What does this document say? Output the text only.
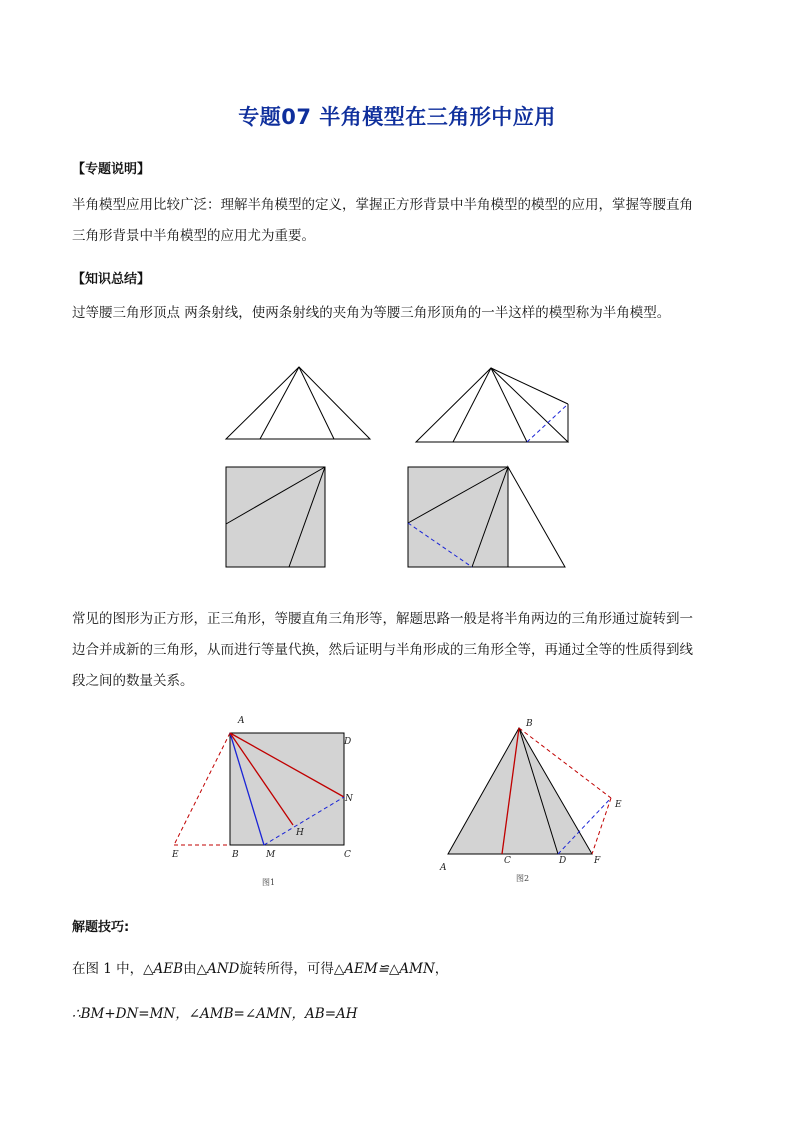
专题07 半角模型在三角形中应用
【专题说明】

半角模型应用比较广泛：理解半角模型的定义，掌握正方形背景中半角模型的模型的应用，掌握等腰直角
三角形背景中半角模型的应用尤为重要。

【知识总结】

过等腰三角形顶点 两条射线，使两条射线的夹角为等腰三角形顶角的一半这样的模型称为半角模型。

常见的图形为正方形，正三角形，等腰直角三角形等，解题思路一般是将半角两边的三角形通过旋转到一
边合并成新的三角形，从而进行等量代换，然后证明与半角形成的三角形全等，再通过全等的性质得到线
段之间的数量关系。

A
D
N
H
E	B	M	C
图1
B
E
A
C	D	F
图2
解题技巧:

在图 1 中，△AEB由△AND旋转所得，可得△AEM≌△AMN，

∴BM+DN=MN，∠AMB=∠AMN，AB=AH
